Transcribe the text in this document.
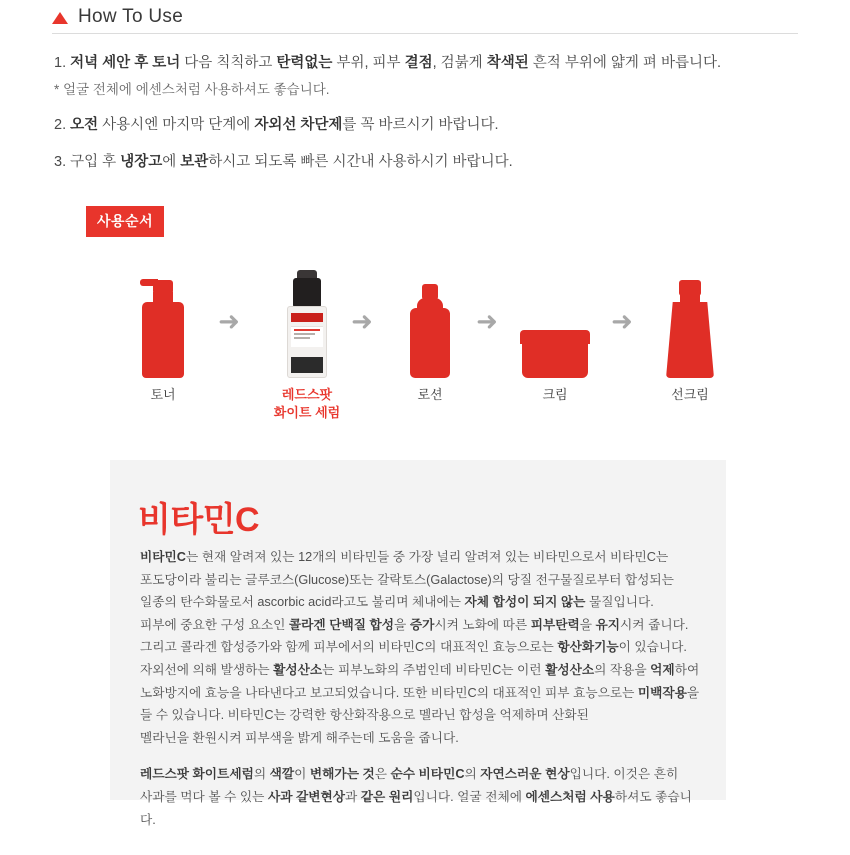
How To Use
1. 저녁 세안 후 토너 다음 칙칙하고 탄력없는 부위, 피부 결점, 검붉게 착색된 흔적 부위에 얇게 펴 바릅니다.
* 얼굴 전체에 에센스처럼 사용하셔도 좋습니다.
2. 오전 사용시엔 마지막 단계에 자외선 차단제를 꼭 바르시기 바랍니다.
3. 구입 후 냉장고에 보관하시고 되도록 빠른 시간내 사용하시기 바랍니다.
사용순서
토너
➜
레드스팟
화이트 세럼
➜
로션
➜
크림
➜
선크림
비타민C

비타민C는 현재 알려져 있는 12개의 비타민들 중 가장 널리 알려져 있는 비타민으로서 비타민C는
포도당이라 불리는 글루코스(Glucose)또는 갈락토스(Galactose)의 당질 전구물질로부터 합성되는
일종의 탄수화물로서 ascorbic acid라고도 불리며 체내에는 자체 합성이 되지 않는 물질입니다.
피부에 중요한 구성 요소인 콜라겐 단백질 합성을 증가시켜 노화에 따른 피부탄력을 유지시켜 줍니다.
그리고 콜라겐 합성증가와 함께 피부에서의 비타민C의 대표적인 효능으로는 항산화기능이 있습니다.
자외선에 의해 발생하는 활성산소는 피부노화의 주범인데 비타민C는 이런 활성산소의 작용을 억제하여
노화방지에 효능을 나타낸다고 보고되었습니다. 또한 비타민C의 대표적인 피부 효능으로는 미백작용을
들 수 있습니다. 비타민C는 강력한 항산화작용으로 멜라닌 합성을 억제하며 산화된
멜라닌을 환원시켜 피부색을 밝게 해주는데 도움을 줍니다.

레드스팟 화이트세럼의 색깔이 변해가는 것은 순수 비타민C의 자연스러운 현상입니다. 이것은 흔히
사과를 먹다 볼 수 있는 사과 갈변현상과 같은 원리입니다. 얼굴 전체에 에센스처럼 사용하셔도 좋습니다.
